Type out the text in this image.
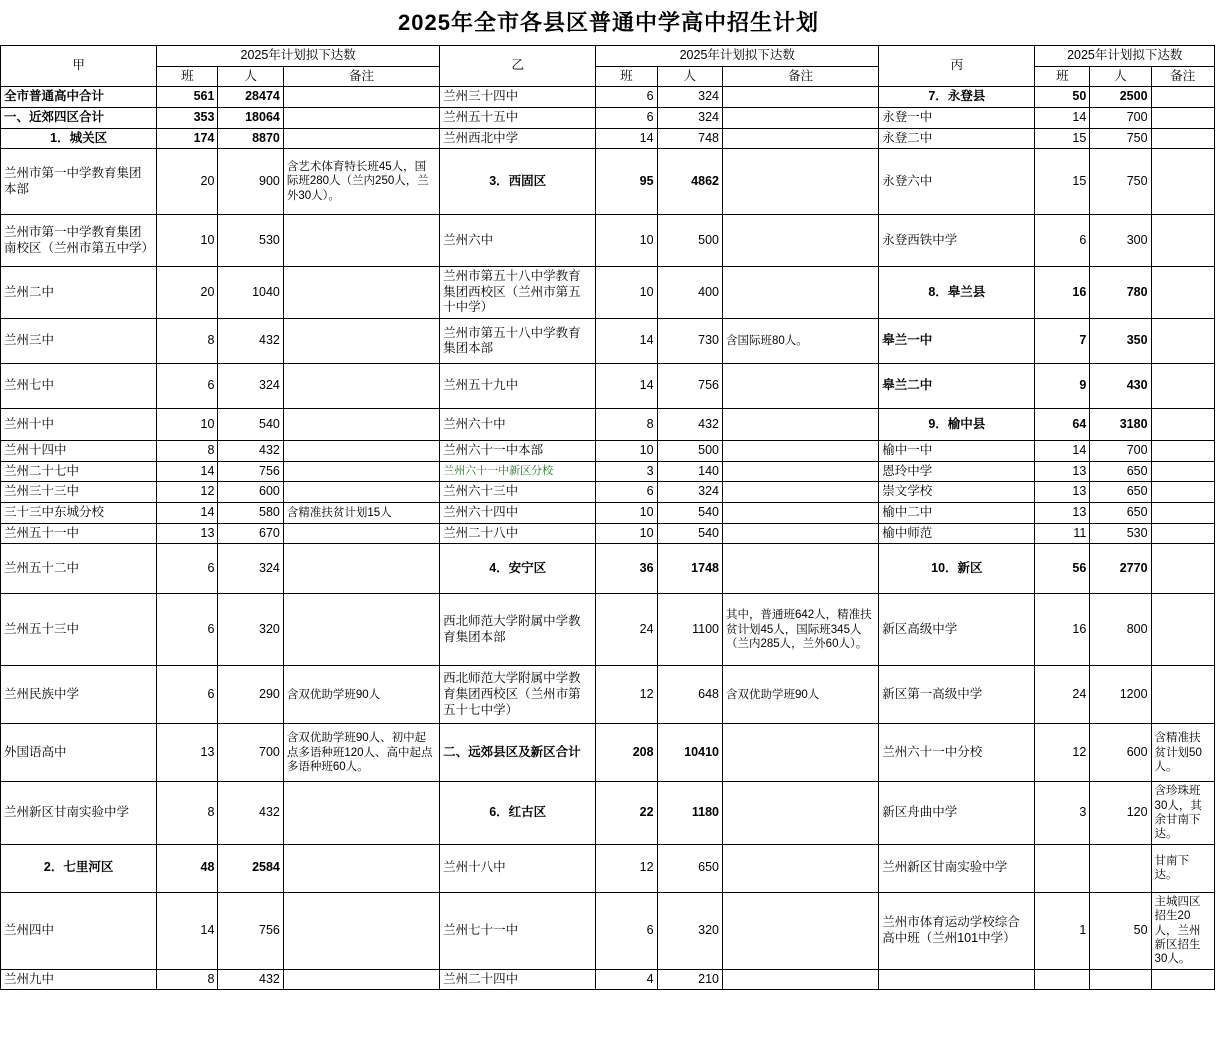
2025年全市各县区普通中学高中招生计划
甲	2025年计划拟下达数			乙	2025年计划拟下达数			丙	2025年计划拟下达数		
	班	人	备注		班	人	备注		班	人	备注
全市普通高中合计	561	28474		兰州三十四中	6	324		7．永登县	50	2500	
一、近郊四区合计	353	18064		兰州五十五中	6	324		永登一中	14	700	
1．城关区	174	8870		兰州西北中学	14	748		永登二中	15	750	
兰州市第一中学教育集团本部	20	900	含艺术体育特长班45人，国际班280人（兰内250人，兰外30人）。	3．西固区	95	4862		永登六中	15	750	
兰州市第一中学教育集团南校区（兰州市第五中学）	10	530		兰州六中	10	500		永登西铁中学	6	300	
兰州二中	20	1040		兰州市第五十八中学教育集团西校区（兰州市第五十中学）	10	400		8．皋兰县	16	780	
兰州三中	8	432		兰州市第五十八中学教育集团本部	14	730	含国际班80人。	皋兰一中	7	350	
兰州七中	6	324		兰州五十九中	14	756		皋兰二中	9	430	
兰州十中	10	540		兰州六十中	8	432		9．榆中县	64	3180	
兰州十四中	8	432		兰州六十一中本部	10	500		榆中一中	14	700	
兰州二十七中	14	756		兰州六十一中新区分校	3	140		恩玲中学	13	650	
兰州三十三中	12	600		兰州六十三中	6	324		崇文学校	13	650	
三十三中东城分校	14	580	含精准扶贫计划15人	兰州六十四中	10	540		榆中二中	13	650	
兰州五十一中	13	670		兰州二十八中	10	540		榆中师范	11	530	
兰州五十二中	6	324		4．安宁区	36	1748		10．新区	56	2770	
兰州五十三中	6	320		西北师范大学附属中学教育集团本部	24	1100	其中，普通班642人，精准扶贫计划45人，国际班345人（兰内285人，兰外60人）。	新区高级中学	16	800	
兰州民族中学	6	290	含双优助学班90人	西北师范大学附属中学教育集团西校区（兰州市第五十七中学）	12	648	含双优助学班90人	新区第一高级中学	24	1200	
外国语高中	13	700	含双优助学班90人、初中起点多语种班120人、高中起点多语种班60人。	二、远郊县区及新区合计	208	10410		兰州六十一中分校	12	600	含精准扶贫计划50人。
兰州新区甘南实验中学	8	432		6．红古区	22	1180		新区舟曲中学	3	120	含珍珠班30人，其余甘南下达。
2．七里河区	48	2584		兰州十八中	12	650		兰州新区甘南实验中学			甘南下达。
兰州四中	14	756		兰州七十一中	6	320		兰州市体育运动学校综合高中班（兰州101中学）	1	50	主城四区招生20人，兰州新区招生30人。
兰州九中	8	432		兰州二十四中	4	210					
